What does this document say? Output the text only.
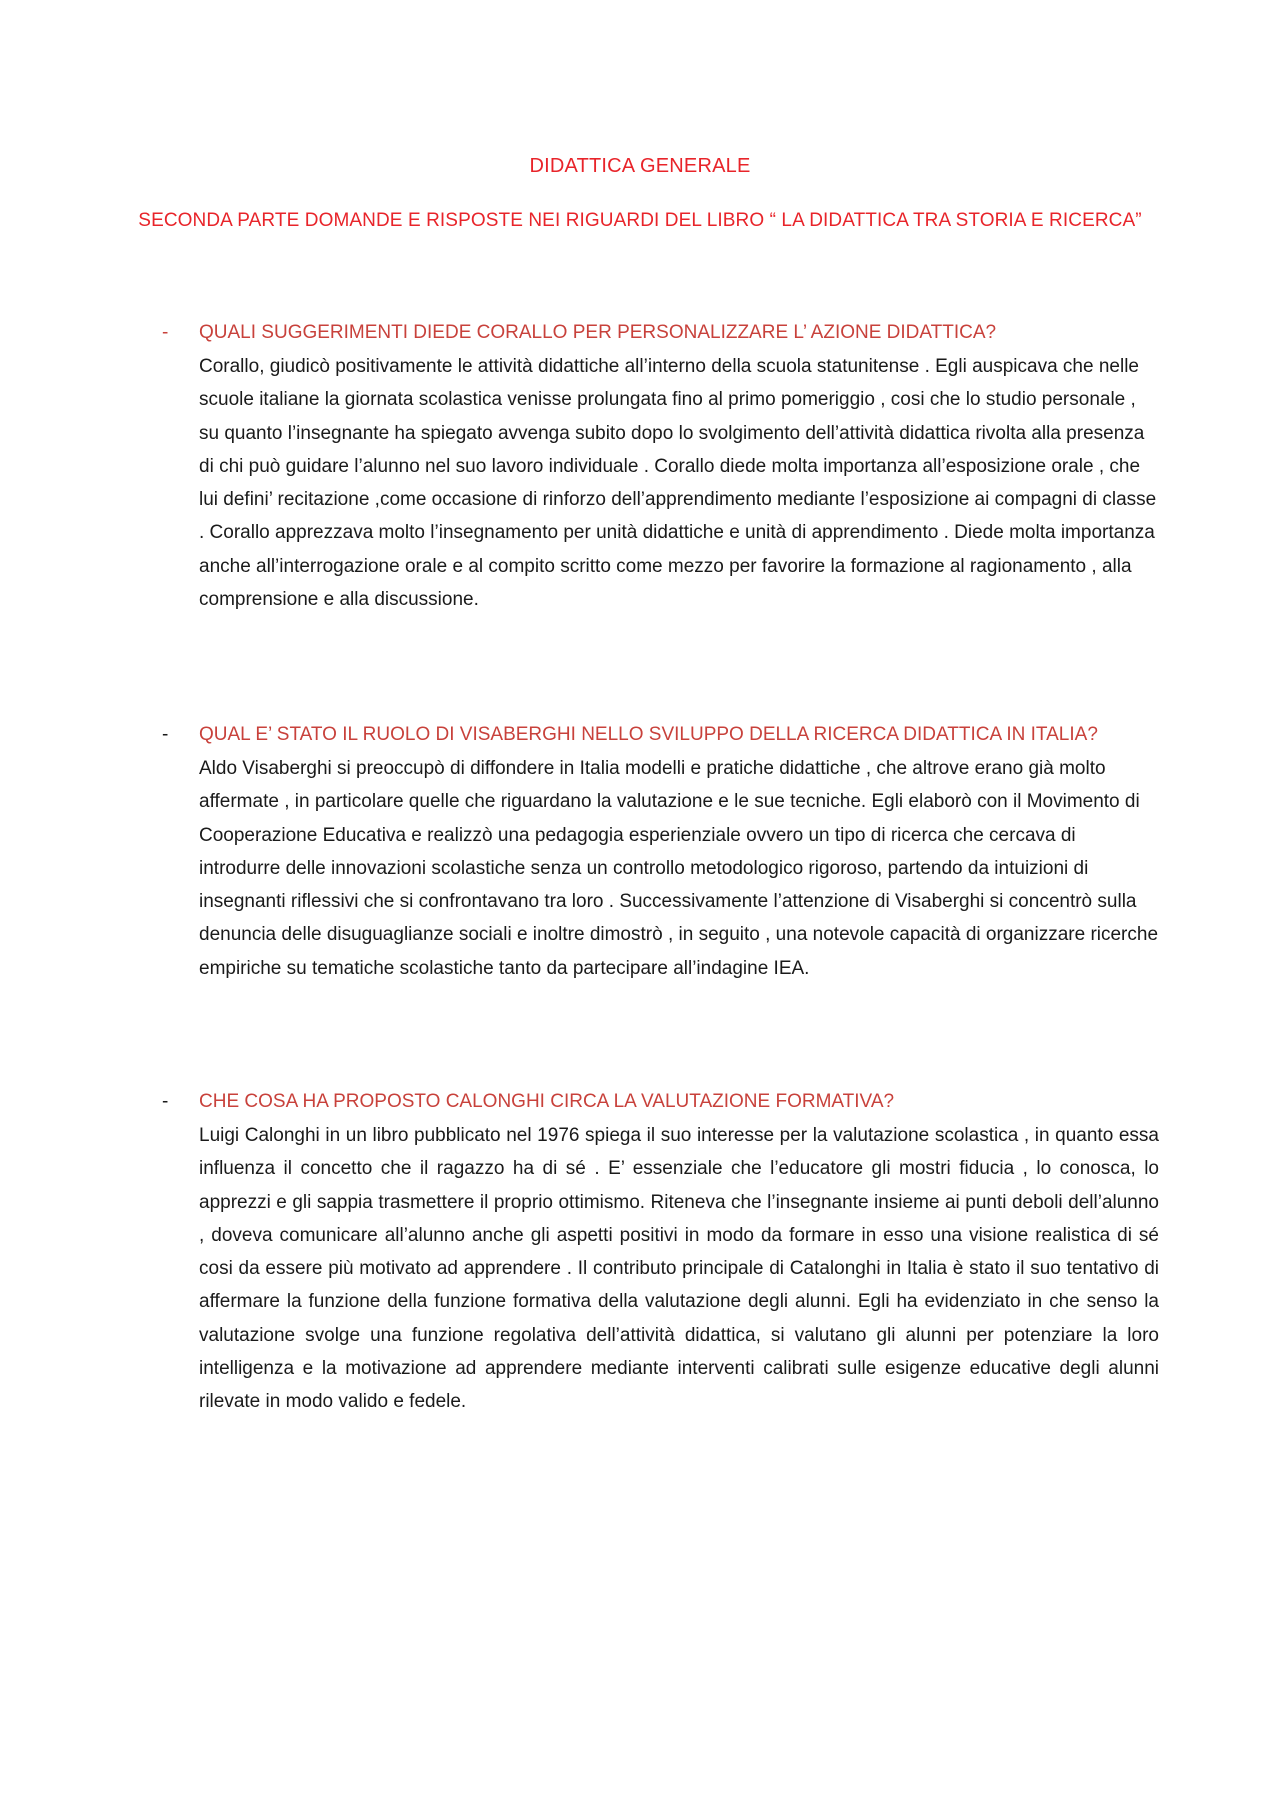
DIDATTICA GENERALE
SECONDA PARTE DOMANDE E RISPOSTE NEI RIGUARDI DEL LIBRO “ LA DIDATTICA TRA STORIA E RICERCA”
- QUALI SUGGERIMENTI DIEDE CORALLO PER PERSONALIZZARE L’ AZIONE DIDATTICA?
Corallo, giudicò positivamente le attività didattiche all’interno della scuola statunitense . Egli auspicava che nelle scuole italiane la giornata scolastica venisse prolungata fino al primo pomeriggio , cosi che lo studio personale , su quanto l’insegnante ha spiegato avvenga subito dopo lo svolgimento dell’attività didattica rivolta alla presenza di chi può guidare l’alunno nel suo lavoro individuale . Corallo diede molta importanza all’esposizione orale , che lui defini’ recitazione ,come occasione di rinforzo dell’apprendimento mediante l’esposizione ai compagni di classe . Corallo apprezzava molto l’insegnamento per unità didattiche e unità di apprendimento . Diede molta importanza anche all’interrogazione orale e al compito scritto come mezzo per favorire la formazione al ragionamento , alla comprensione e alla discussione.
- QUAL E’ STATO IL RUOLO DI VISABERGHI NELLO SVILUPPO DELLA RICERCA DIDATTICA IN ITALIA?
Aldo Visaberghi si preoccupò di diffondere in Italia modelli e pratiche didattiche , che altrove erano già molto affermate , in particolare quelle che riguardano la valutazione e le sue tecniche. Egli elaborò con il Movimento di Cooperazione Educativa e realizzò una pedagogia esperienziale ovvero un tipo di ricerca che cercava di introdurre delle innovazioni scolastiche senza un controllo metodologico rigoroso, partendo da intuizioni di insegnanti riflessivi che si confrontavano tra loro . Successivamente l’attenzione di Visaberghi si concentrò sulla denuncia delle disuguaglianze sociali e inoltre dimostrò , in seguito , una notevole capacità di organizzare ricerche empiriche su tematiche scolastiche tanto da partecipare all’indagine IEA.
- CHE COSA HA PROPOSTO CALONGHI CIRCA LA VALUTAZIONE FORMATIVA?
Luigi Calonghi in un libro pubblicato nel 1976 spiega il suo interesse per la valutazione scolastica , in quanto essa influenza il concetto che il ragazzo ha di sé . E’ essenziale che l’educatore gli mostri fiducia , lo conosca, lo apprezzi e gli sappia trasmettere il proprio ottimismo. Riteneva che l’insegnante insieme ai punti deboli dell’alunno , doveva comunicare all’alunno anche gli aspetti positivi in modo da formare in esso una visione realistica di sé cosi da essere più motivato ad apprendere . Il contributo principale di Catalonghi in Italia è stato il suo tentativo di affermare la funzione della funzione formativa della valutazione degli alunni. Egli ha evidenziato in che senso la valutazione svolge una funzione regolativa dell’attività didattica, si valutano gli alunni per potenziare la loro intelligenza e la motivazione ad apprendere mediante interventi calibrati sulle esigenze educative degli alunni rilevate in modo valido e fedele.
